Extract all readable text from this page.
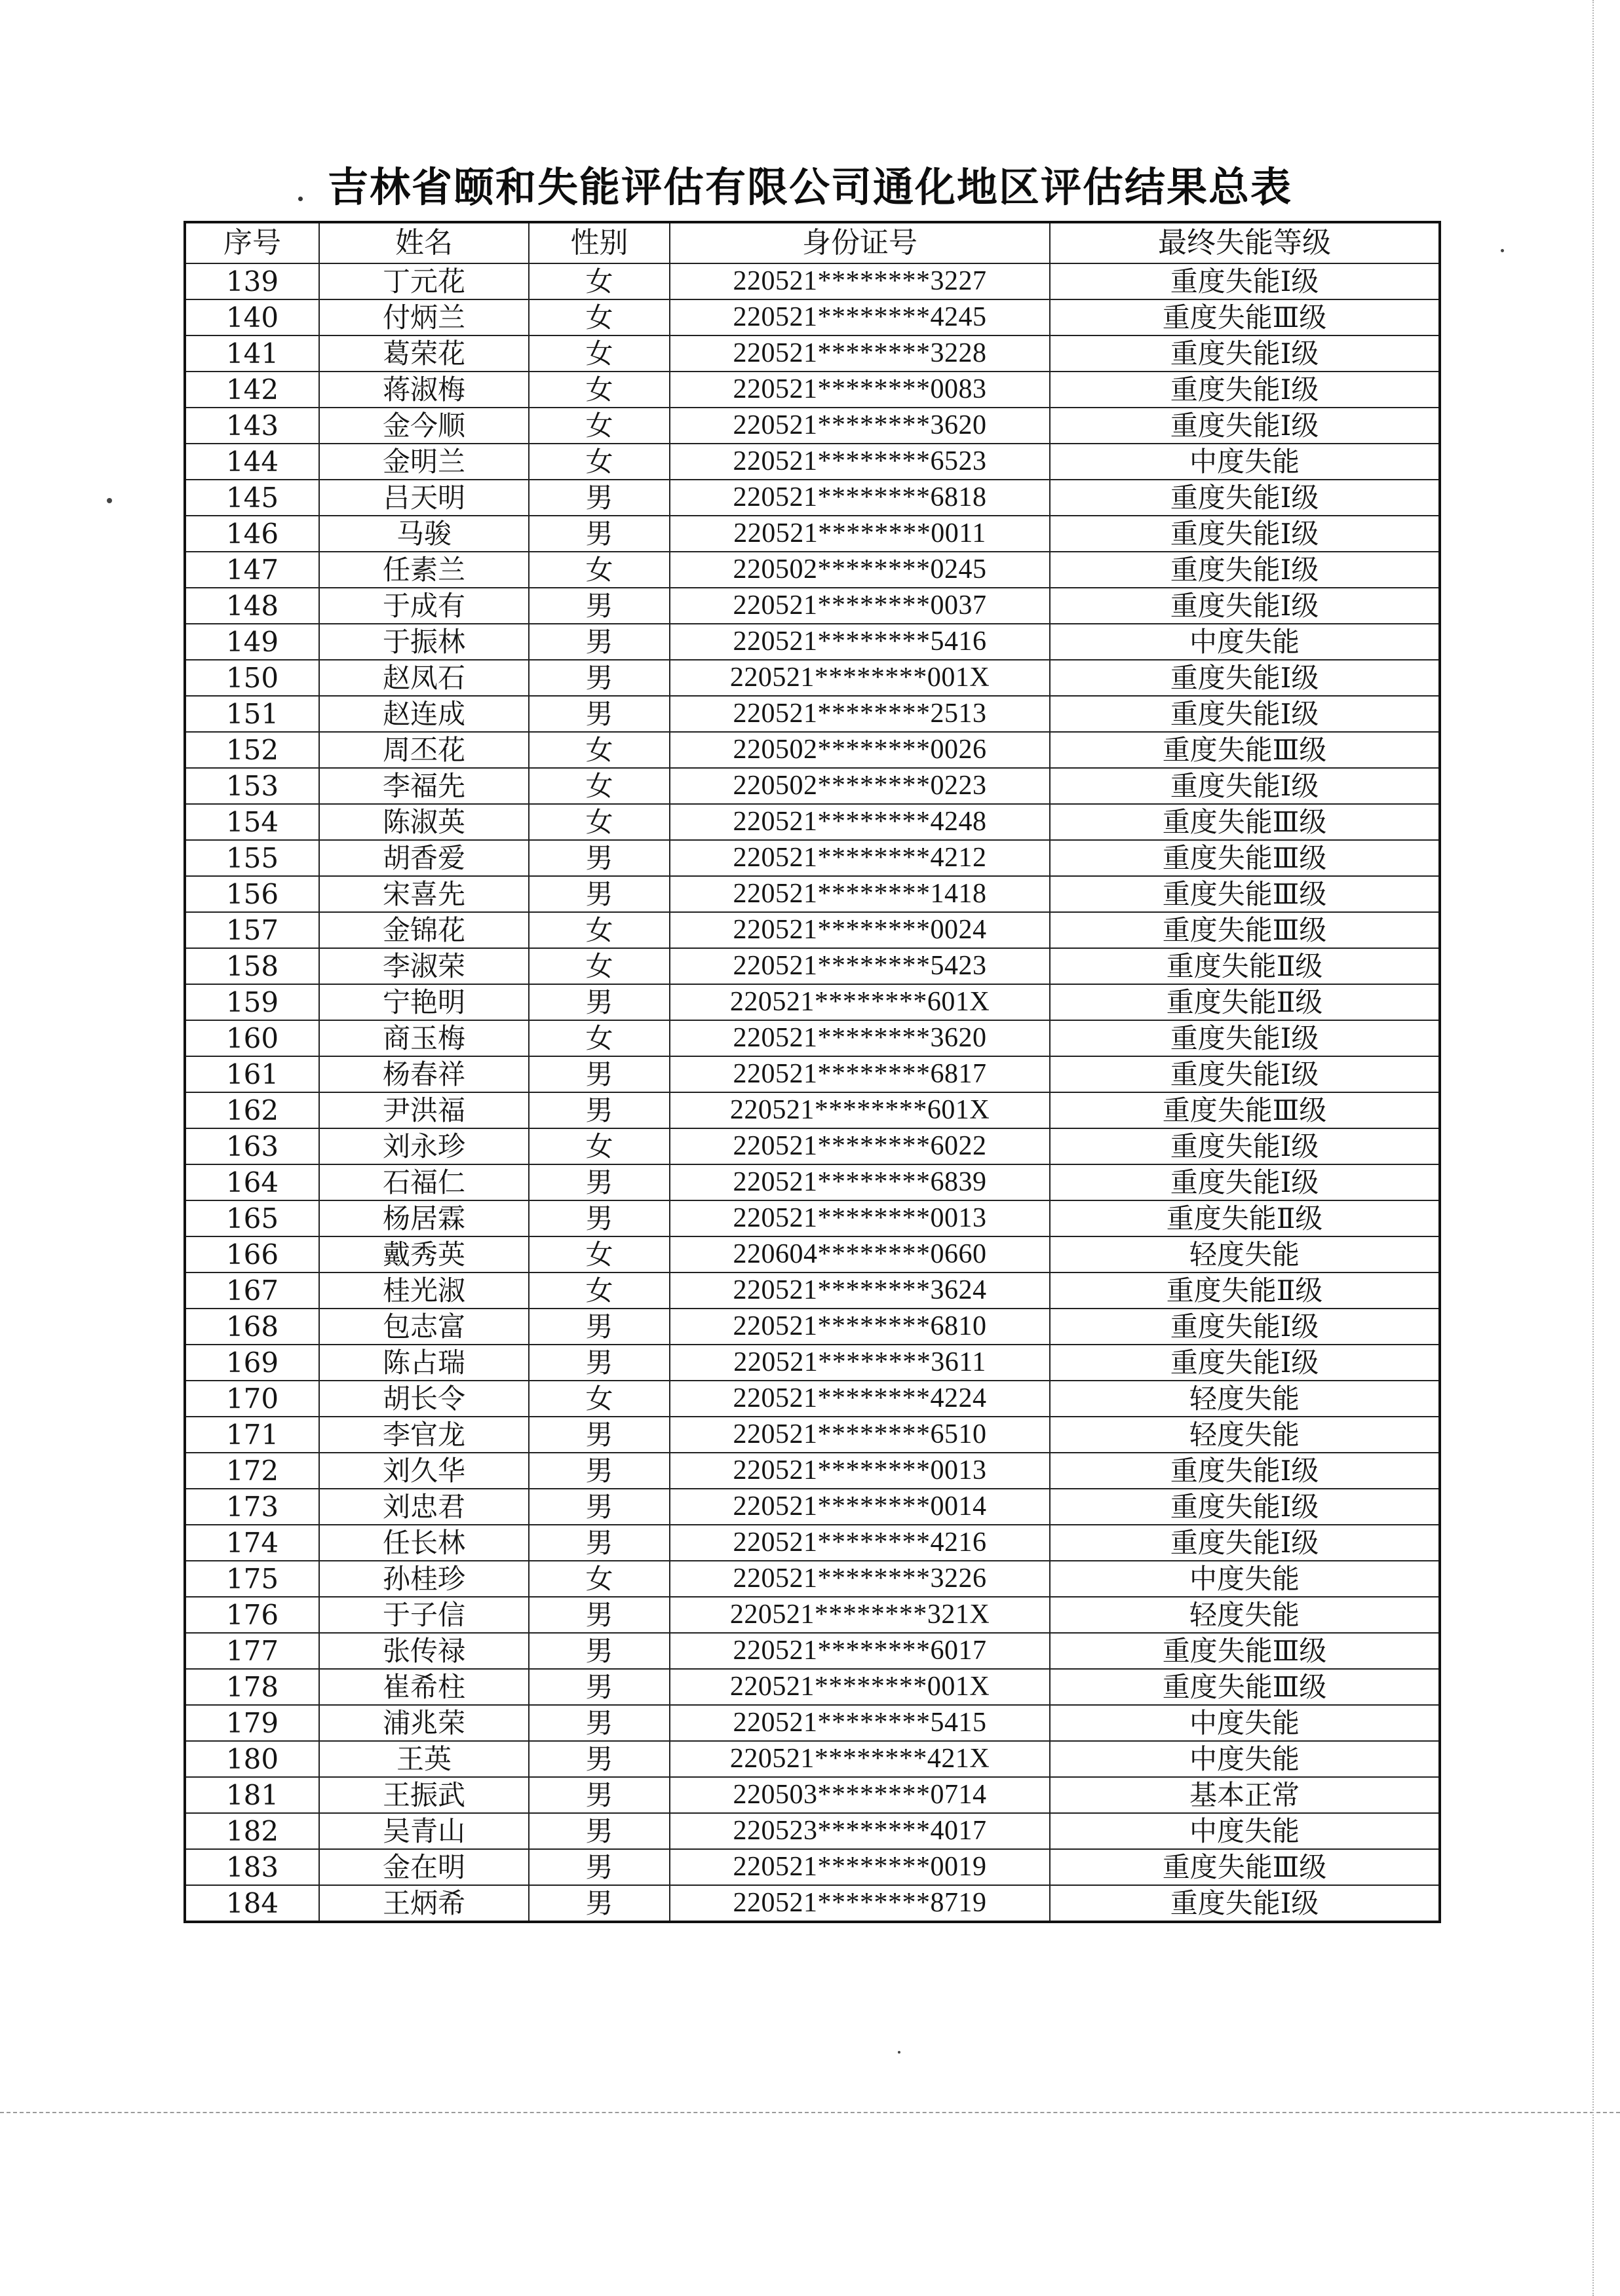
吉林省颐和失能评估有限公司通化地区评估结果总表
序号	姓名	性别	身份证号	最终失能等级
139	丁元花	女	220521********3227	重度失能Ⅰ级
140	付炳兰	女	220521********4245	重度失能Ⅲ级
141	葛荣花	女	220521********3228	重度失能Ⅰ级
142	蒋淑梅	女	220521********0083	重度失能Ⅰ级
143	金今顺	女	220521********3620	重度失能Ⅰ级
144	金明兰	女	220521********6523	中度失能
145	吕天明	男	220521********6818	重度失能Ⅰ级
146	马骏	男	220521********0011	重度失能Ⅰ级
147	任素兰	女	220502********0245	重度失能Ⅰ级
148	于成有	男	220521********0037	重度失能Ⅰ级
149	于振林	男	220521********5416	中度失能
150	赵凤石	男	220521********001X	重度失能Ⅰ级
151	赵连成	男	220521********2513	重度失能Ⅰ级
152	周丕花	女	220502********0026	重度失能Ⅲ级
153	李福先	女	220502********0223	重度失能Ⅰ级
154	陈淑英	女	220521********4248	重度失能Ⅲ级
155	胡香爱	男	220521********4212	重度失能Ⅲ级
156	宋喜先	男	220521********1418	重度失能Ⅲ级
157	金锦花	女	220521********0024	重度失能Ⅲ级
158	李淑荣	女	220521********5423	重度失能Ⅱ级
159	宁艳明	男	220521********601X	重度失能Ⅱ级
160	商玉梅	女	220521********3620	重度失能Ⅰ级
161	杨春祥	男	220521********6817	重度失能Ⅰ级
162	尹洪福	男	220521********601X	重度失能Ⅲ级
163	刘永珍	女	220521********6022	重度失能Ⅰ级
164	石福仁	男	220521********6839	重度失能Ⅰ级
165	杨居霖	男	220521********0013	重度失能Ⅱ级
166	戴秀英	女	220604********0660	轻度失能
167	桂光淑	女	220521********3624	重度失能Ⅱ级
168	包志富	男	220521********6810	重度失能Ⅰ级
169	陈占瑞	男	220521********3611	重度失能Ⅰ级
170	胡长令	女	220521********4224	轻度失能
171	李官龙	男	220521********6510	轻度失能
172	刘久华	男	220521********0013	重度失能Ⅰ级
173	刘忠君	男	220521********0014	重度失能Ⅰ级
174	任长林	男	220521********4216	重度失能Ⅰ级
175	孙桂珍	女	220521********3226	中度失能
176	于子信	男	220521********321X	轻度失能
177	张传禄	男	220521********6017	重度失能Ⅲ级
178	崔希柱	男	220521********001X	重度失能Ⅲ级
179	浦兆荣	男	220521********5415	中度失能
180	王英	男	220521********421X	中度失能
181	王振武	男	220503********0714	基本正常
182	吴青山	男	220523********4017	中度失能
183	金在明	男	220521********0019	重度失能Ⅲ级
184	王炳希	男	220521********8719	重度失能Ⅰ级
